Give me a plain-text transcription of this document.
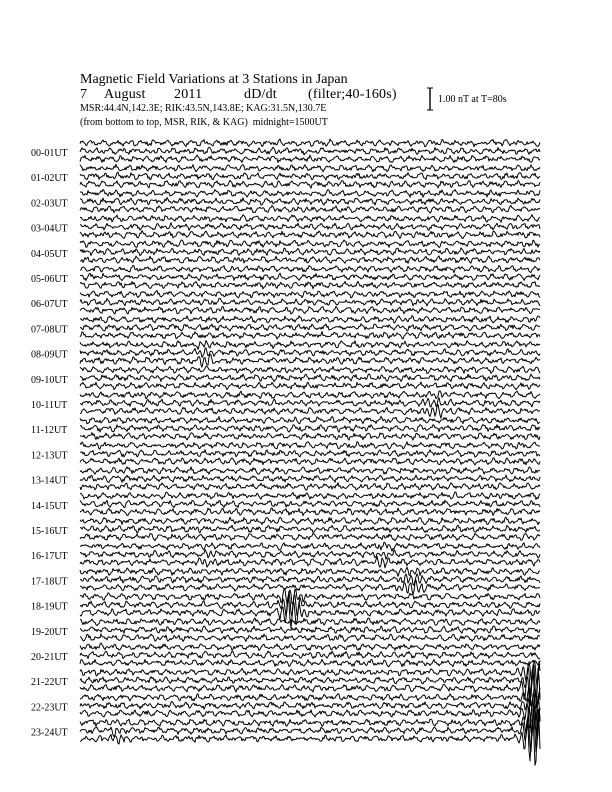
Magnetic Field Variations at 3 Stations in Japan
7 August 2011	dD/dt (filter;40-160s)
MSR:44.4N,142.3E; RIK:43.5N,143.8E; KAG:31.5N,130.7E
(from bottom to top, MSR, RIK, & KAG) midnight=1500UT
1.00 nT at T=80s
00-01UT
01-02UT
02-03UT
03-04UT
04-05UT
05-06UT
06-07UT
07-08UT
08-09UT
09-10UT
10-11UT
11-12UT
12-13UT
13-14UT
14-15UT
15-16UT
16-17UT
17-18UT
18-19UT
19-20UT
20-21UT
21-22UT
22-23UT
23-24UT
